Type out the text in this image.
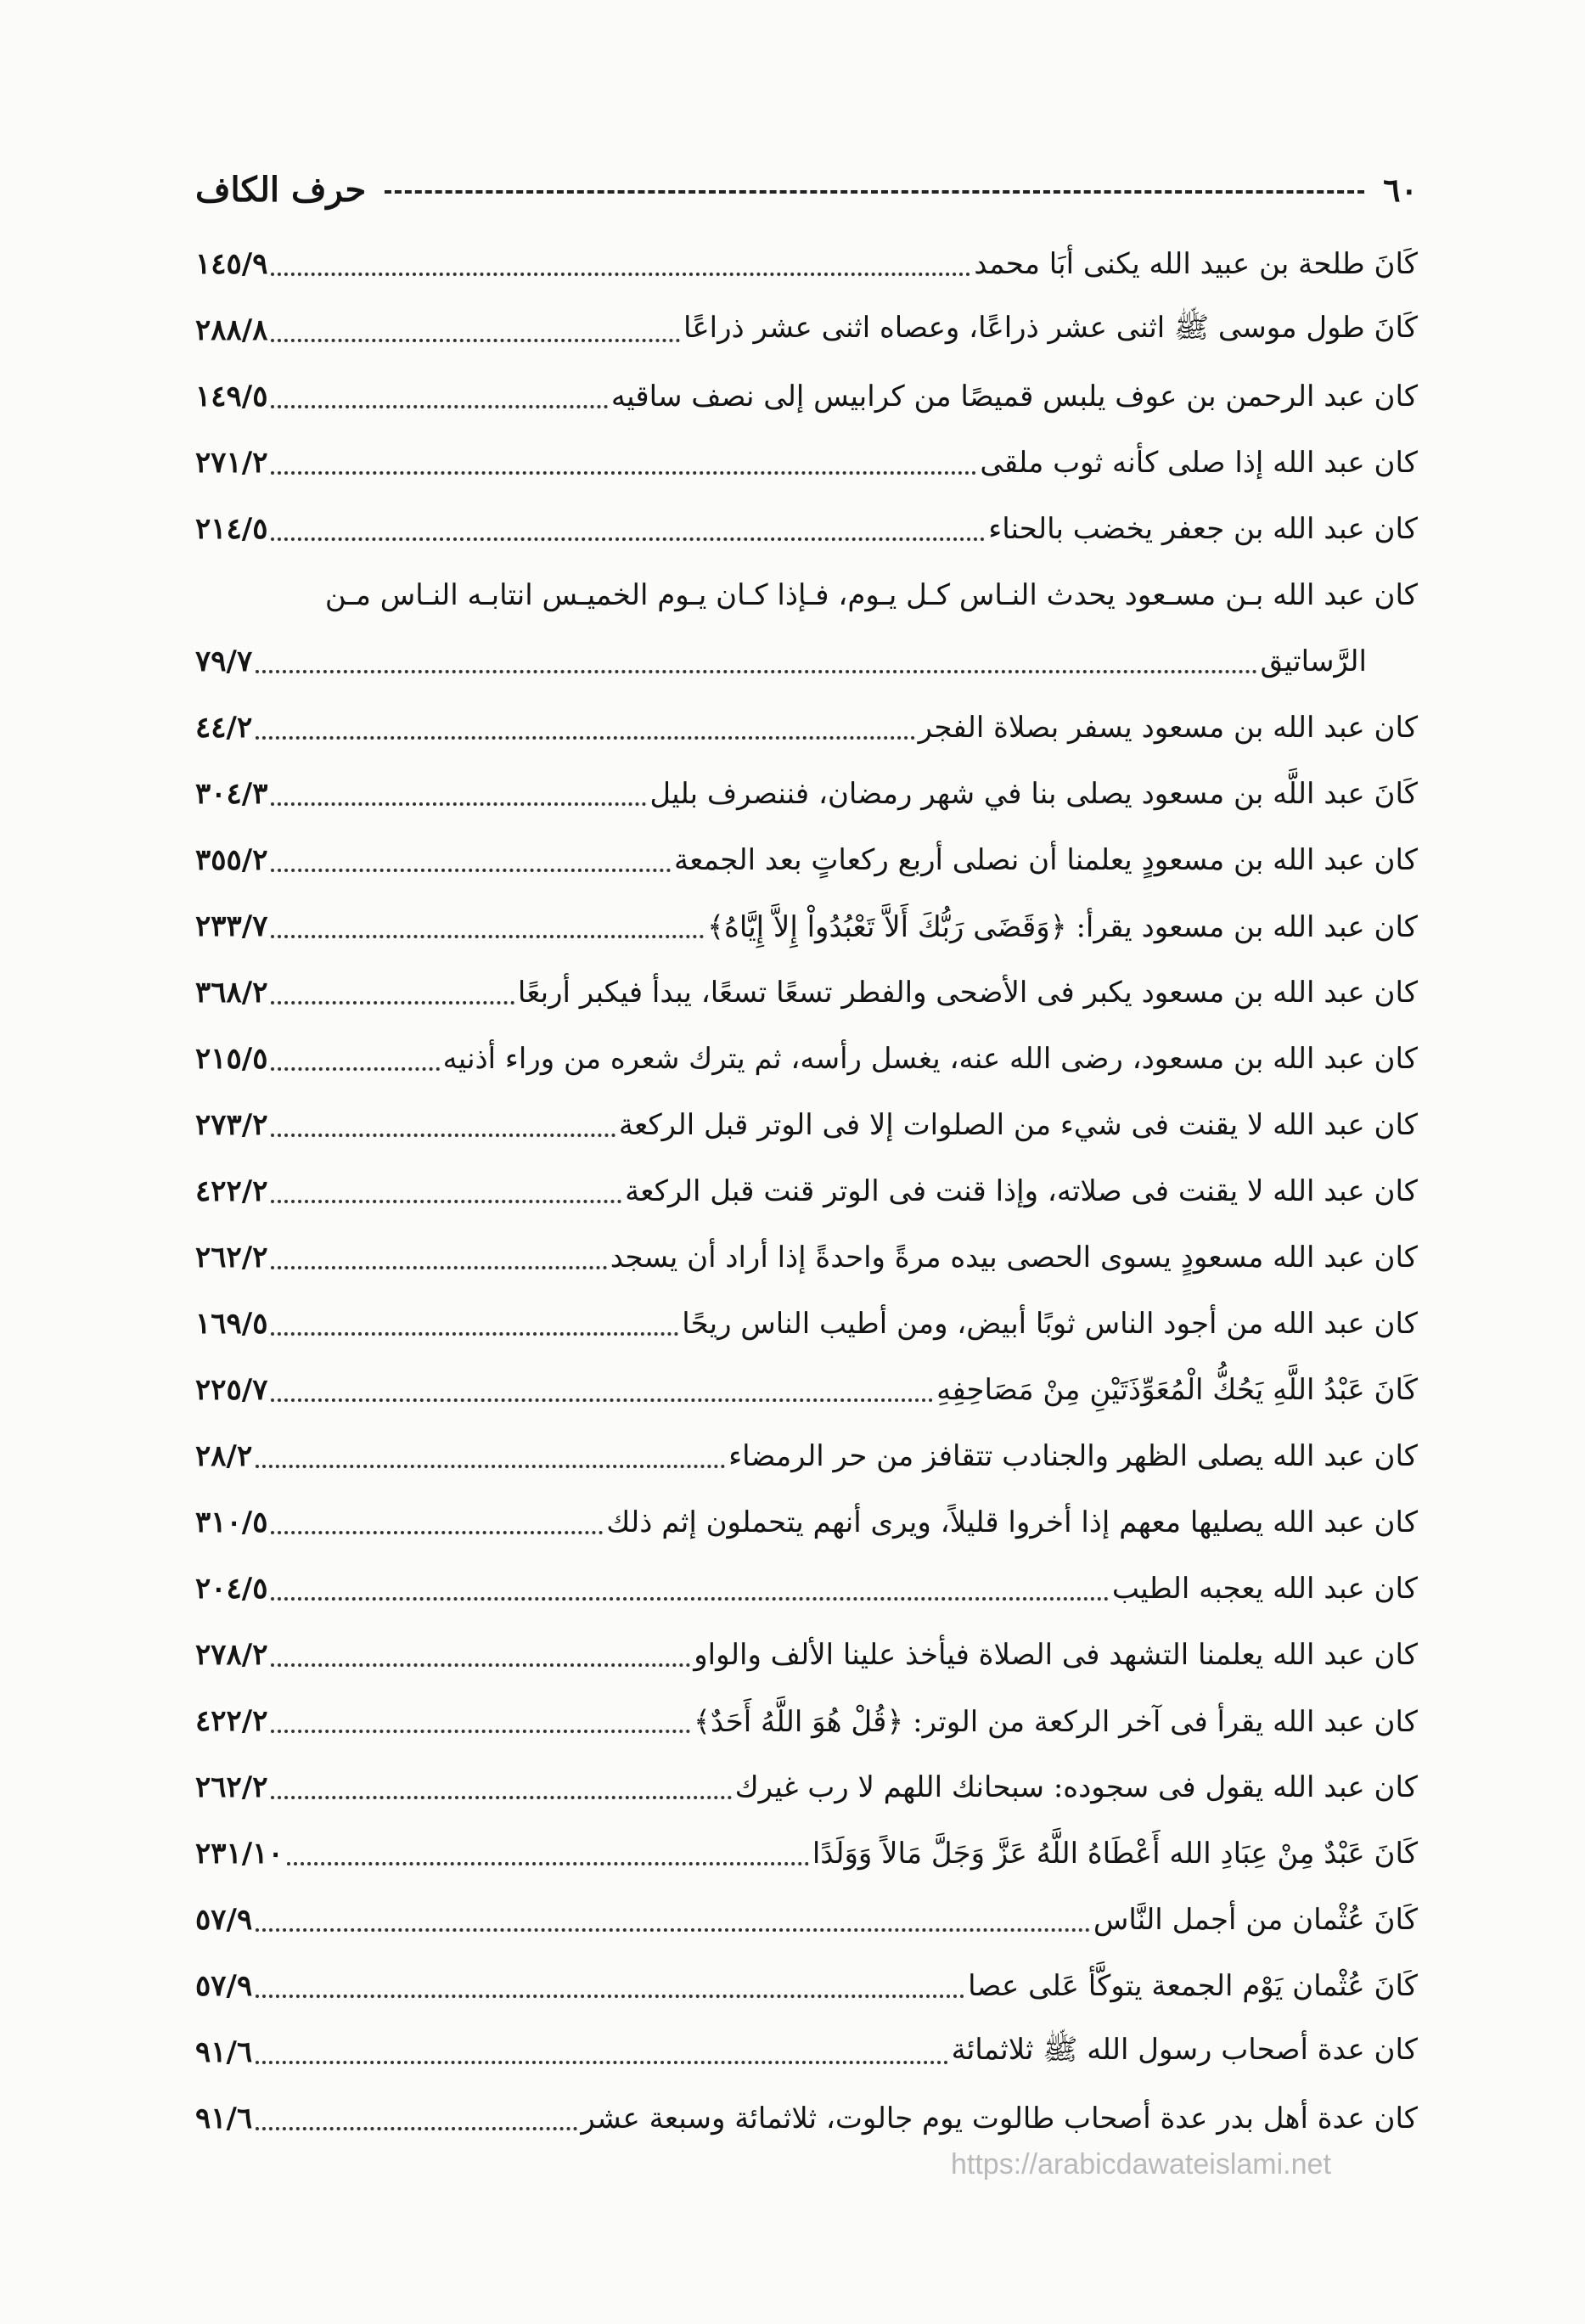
٦٠
حرف الكاف
كَانَ طلحة بن عبيد الله يكنى أبَا محمد
١٤٥/٩
كَانَ طول موسى ﷺ اثنى عشر ذراعًا، وعصاه اثنى عشر ذراعًا
٢٨٨/٨
كان عبد الرحمن بن عوف يلبس قميصًا من كرابيس إلى نصف ساقيه
١٤٩/٥
كان عبد الله إذا صلى كأنه ثوب ملقى
٢٧١/٢
كان عبد الله بن جعفر يخضب بالحناء
٢١٤/٥
كان عبد الله بـن مسـعود يحدث النـاس كـل يـوم، فـإذا كـان يـوم الخميـس انتابـه النـاس مـن
الرَّساتيق
٧٩/٧
كان عبد الله بن مسعود يسفر بصلاة الفجر
٤٤/٢
كَانَ عبد اللَّه بن مسعود يصلى بنا في شهر رمضان، فننصرف بليل
٣٠٤/٣
كان عبد الله بن مسعودٍ يعلمنا أن نصلى أربع ركعاتٍ بعد الجمعة
٣٥٥/٢
كان عبد الله بن مسعود يقرأ: ﴿وَقَضَى رَبُّكَ أَلاَّ تَعْبُدُواْ إِلاَّ إِيَّاهُ﴾
٢٣٣/٧
كان عبد الله بن مسعود يكبر فى الأضحى والفطر تسعًا تسعًا، يبدأ فيكبر أربعًا
٣٦٨/٢
كان عبد الله بن مسعود، رضى الله عنه، يغسل رأسه، ثم يترك شعره من وراء أذنيه
٢١٥/٥
كان عبد الله لا يقنت فى شيء من الصلوات إلا فى الوتر قبل الركعة
٢٧٣/٢
كان عبد الله لا يقنت فى صلاته، وإذا قنت فى الوتر قنت قبل الركعة
٤٢٢/٢
كان عبد الله مسعودٍ يسوى الحصى بيده مرةً واحدةً إذا أراد أن يسجد
٢٦٢/٢
كان عبد الله من أجود الناس ثوبًا أبيض، ومن أطيب الناس ريحًا
١٦٩/٥
كَانَ عَبْدُ اللَّهِ يَحُكُّ الْمُعَوِّذَتَيْنِ مِنْ مَصَاحِفِهِ
٢٢٥/٧
كان عبد الله يصلى الظهر والجنادب تتقافز من حر الرمضاء
٢٨/٢
كان عبد الله يصليها معهم إذا أخروا قليلاً، ويرى أنهم يتحملون إثم ذلك
٣١٠/٥
كان عبد الله يعجبه الطيب
٢٠٤/٥
كان عبد الله يعلمنا التشهد فى الصلاة فيأخذ علينا الألف والواو
٢٧٨/٢
كان عبد الله يقرأ فى آخر الركعة من الوتر: ﴿قُلْ هُوَ اللَّهُ أَحَدٌ﴾
٤٢٢/٢
كان عبد الله يقول فى سجوده: سبحانك اللهم لا رب غيرك
٢٦٢/٢
كَانَ عَبْدٌ مِنْ عِبَادِ الله أَعْطَاهُ اللَّهُ عَزَّ وَجَلَّ مَالاً وَوَلَدًا
٢٣١/١٠
كَانَ عُثْمان من أجمل النَّاس
٥٧/٩
كَانَ عُثْمان يَوْم الجمعة يتوكَّأ عَلى عصا
٥٧/٩
كان عدة أصحاب رسول الله ﷺ ثلاثمائة
٩١/٦
كان عدة أهل بدر عدة أصحاب طالوت يوم جالوت، ثلاثمائة وسبعة عشر
٩١/٦
https://arabicdawateislami.net
